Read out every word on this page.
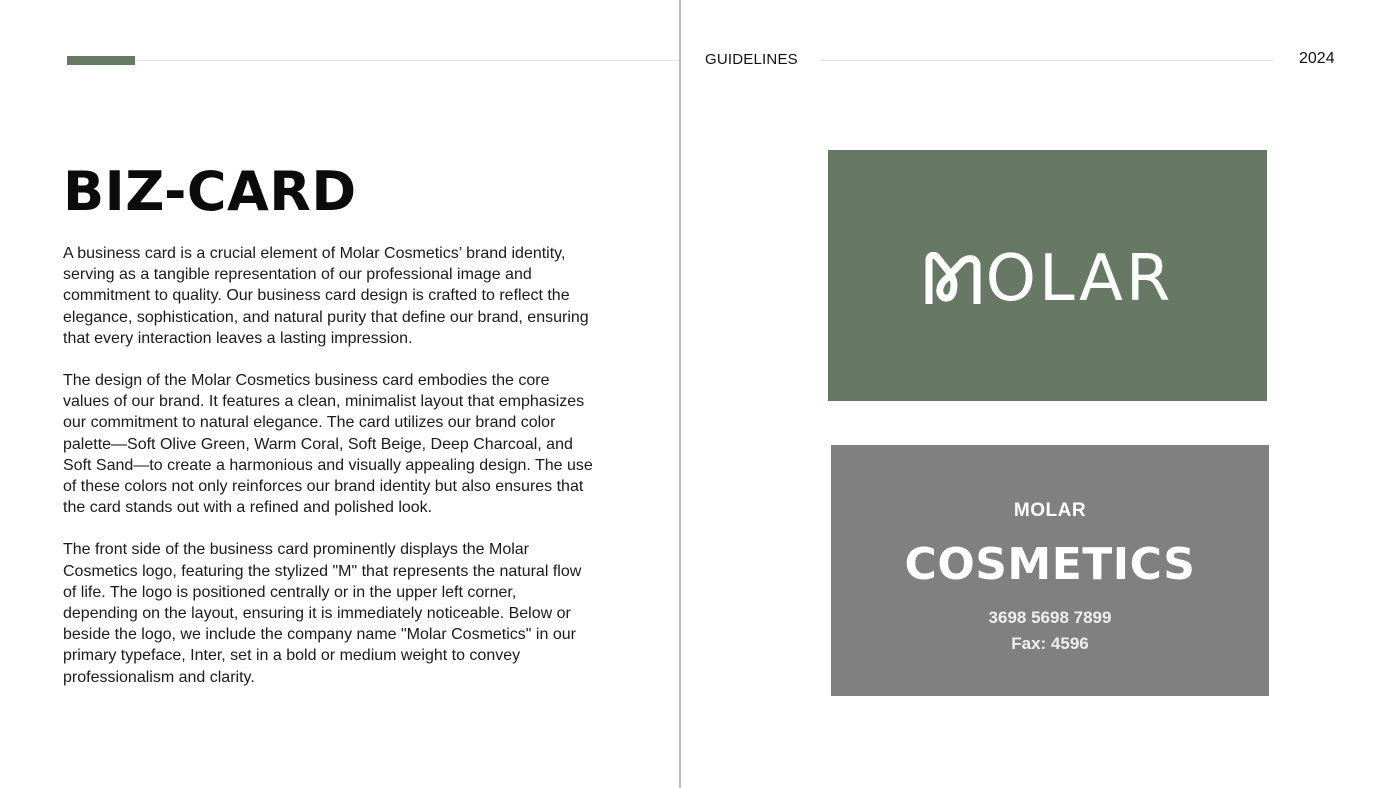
GUIDELINES	2024
BIZ-CARD

A business card is a crucial element of Molar Cosmetics’ brand identity, serving as a tangible representation of our professional image and commitment to quality. Our business card design is crafted to reflect the elegance, sophistication, and natural purity that define our brand, ensuring that every interaction leaves a lasting impression.

The design of the Molar Cosmetics business card embodies the core values of our brand. It features a clean, minimalist layout that emphasizes our commitment to natural elegance. The card utilizes our brand color palette—Soft Olive Green, Warm Coral, Soft Beige, Deep Charcoal, and Soft Sand—to create a harmonious and visually appealing design. The use of these colors not only reinforces our brand identity but also ensures that the card stands out with a refined and polished look.

The front side of the business card prominently displays the Molar Cosmetics logo, featuring the stylized "M" that represents the natural flow of life. The logo is positioned centrally or in the upper left corner, depending on the layout, ensuring it is immediately noticeable. Below or beside the logo, we include the company name "Molar Cosmetics" in our primary typeface, Inter, set in a bold or medium weight to convey professionalism and clarity.

OLAR
MOLAR
COSMETICS
3698 5698 7899
Fax: 4596
